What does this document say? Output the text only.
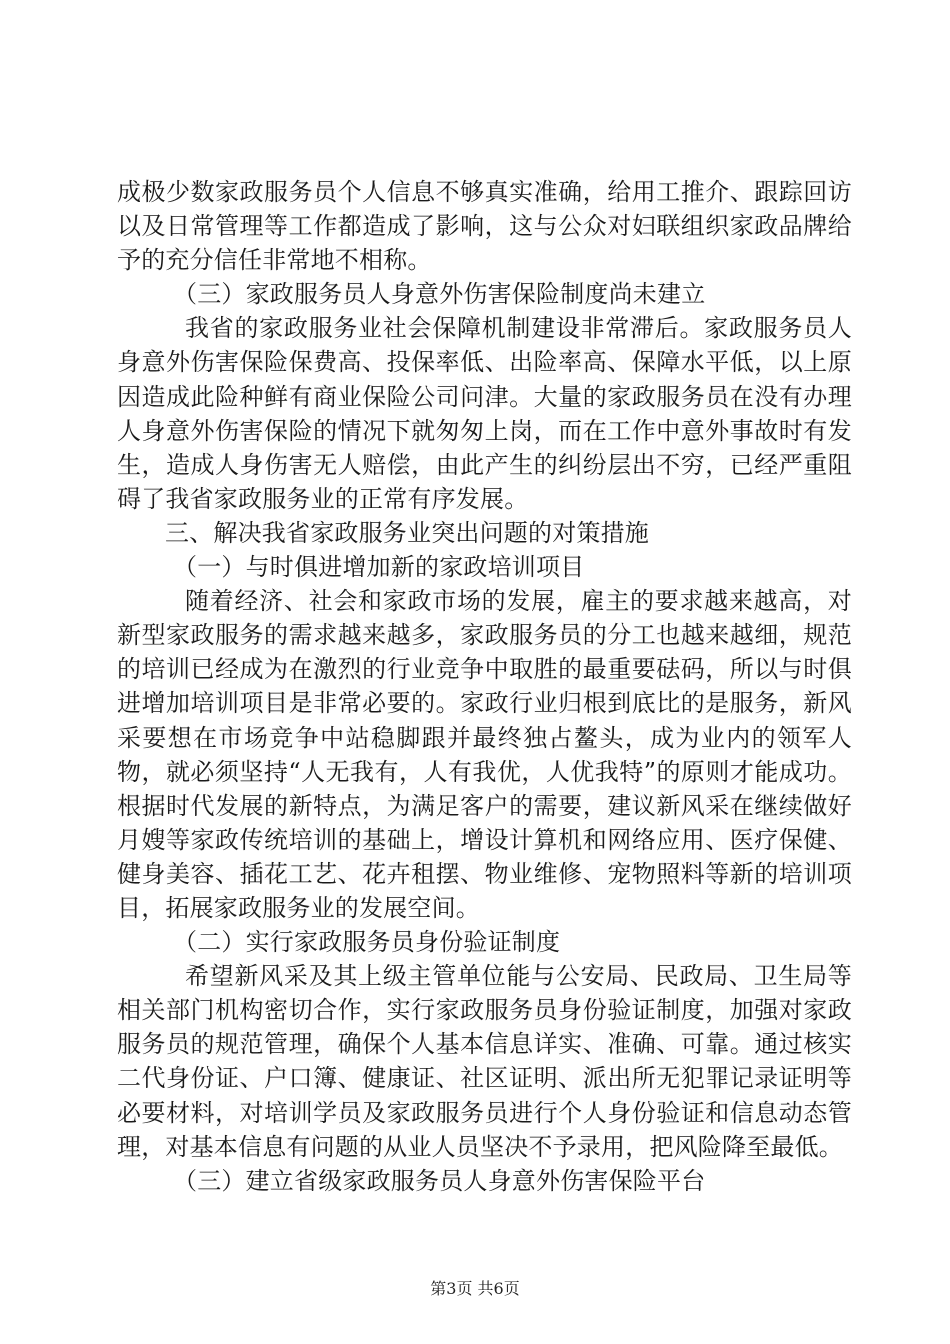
成极少数家政服务员个人信息不够真实准确，给用工推介、跟踪回访以及日常管理等工作都造成了影响，这与公众对妇联组织家政品牌给予的充分信任非常地不相称。

（三）家政服务员人身意外伤害保险制度尚未建立

我省的家政服务业社会保障机制建设非常滞后。家政服务员人身意外伤害保险保费高、投保率低、出险率高、保障水平低，以上原因造成此险种鲜有商业保险公司问津。大量的家政服务员在没有办理人身意外伤害保险的情况下就匆匆上岗，而在工作中意外事故时有发生，造成人身伤害无人赔偿，由此产生的纠纷层出不穷，已经严重阻碍了我省家政服务业的正常有序发展。

三、解决我省家政服务业突出问题的对策措施

（一）与时俱进增加新的家政培训项目

随着经济、社会和家政市场的发展，雇主的要求越来越高，对新型家政服务的需求越来越多，家政服务员的分工也越来越细，规范的培训已经成为在激烈的行业竞争中取胜的最重要砝码，所以与时俱进增加培训项目是非常必要的。家政行业归根到底比的是服务，新风采要想在市场竞争中站稳脚跟并最终独占鳌头，成为业内的领军人物，就必须坚持“人无我有，人有我优，人优我特”的原则才能成功。根据时代发展的新特点，为满足客户的需要，建议新风采在继续做好月嫂等家政传统培训的基础上，增设计算机和网络应用、医疗保健、健身美容、插花工艺、花卉租摆、物业维修、宠物照料等新的培训项目，拓展家政服务业的发展空间。

（二）实行家政服务员身份验证制度

希望新风采及其上级主管单位能与公安局、民政局、卫生局等相关部门机构密切合作，实行家政服务员身份验证制度，加强对家政服务员的规范管理，确保个人基本信息详实、准确、可靠。通过核实二代身份证、户口簿、健康证、社区证明、派出所无犯罪记录证明等必要材料，对培训学员及家政服务员进行个人身份验证和信息动态管理，对基本信息有问题的从业人员坚决不予录用，把风险降至最低。

（三）建立省级家政服务员人身意外伤害保险平台

第3页 共6页
